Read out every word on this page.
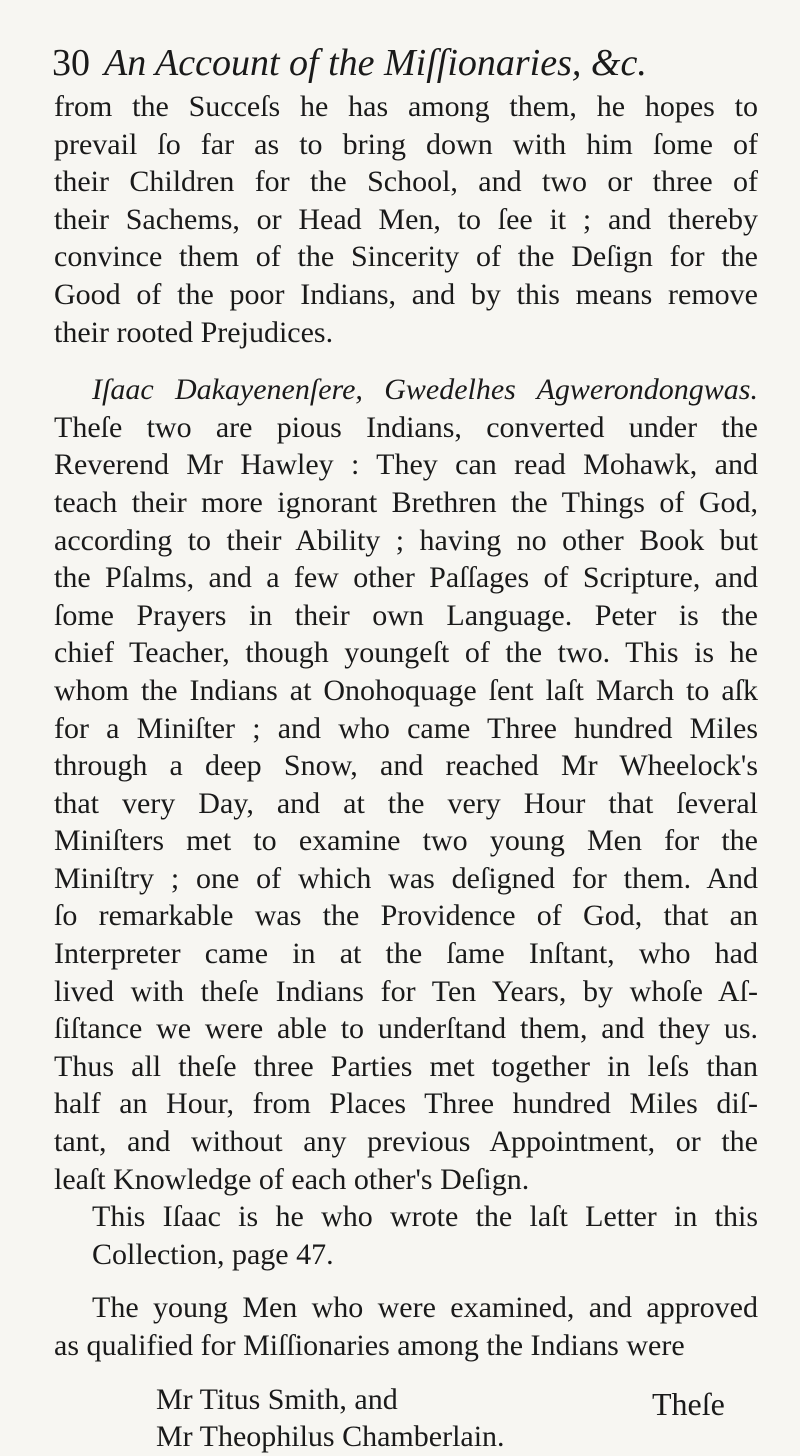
30 An Account of the Miſſionaries, &c.

from the Succeſs he has among them, he hopes to
prevail ſo far as to bring down with him ſome of
their Children for the School, and two or three of
their Sachems, or Head Men, to ſee it ; and thereby
convince them of the Sincerity of the Deſign for the
Good of the poor Indians, and by this means remove
their rooted Prejudices.

Iſaac Dakayenenſere, Gwedelhes Agwerondongwas.
Theſe two are pious Indians, converted under the
Reverend Mr Hawley : They can read Mohawk, and
teach their more ignorant Brethren the Things of God,
according to their Ability ; having no other Book but
the Pſalms, and a few other Paſſages of Scripture, and
ſome Prayers in their own Language. Peter is the
chief Teacher, though youngeſt of the two. This is he
whom the Indians at Onohoquage ſent laſt March to aſk
for a Miniſter ; and who came Three hundred Miles
through a deep Snow, and reached Mr Wheelock's
that very Day, and at the very Hour that ſeveral
Miniſters met to examine two young Men for the
Miniſtry ; one of which was deſigned for them. And
ſo remarkable was the Providence of God, that an
Interpreter came in at the ſame Inſtant, who had
lived with theſe Indians for Ten Years, by whoſe Aſ-
ſiſtance we were able to underſtand them, and they us.
Thus all theſe three Parties met together in leſs than
half an Hour, from Places Three hundred Miles diſ-
tant, and without any previous Appointment, or the
leaſt Knowledge of each other's Deſign.

This Iſaac is he who wrote the laſt Letter in this
Collection, page 47.

The young Men who were examined, and approved
as qualified for Miſſionaries among the Indians were

Mr Titus Smith, and
Mr Theophilus Chamberlain.

Theſe
